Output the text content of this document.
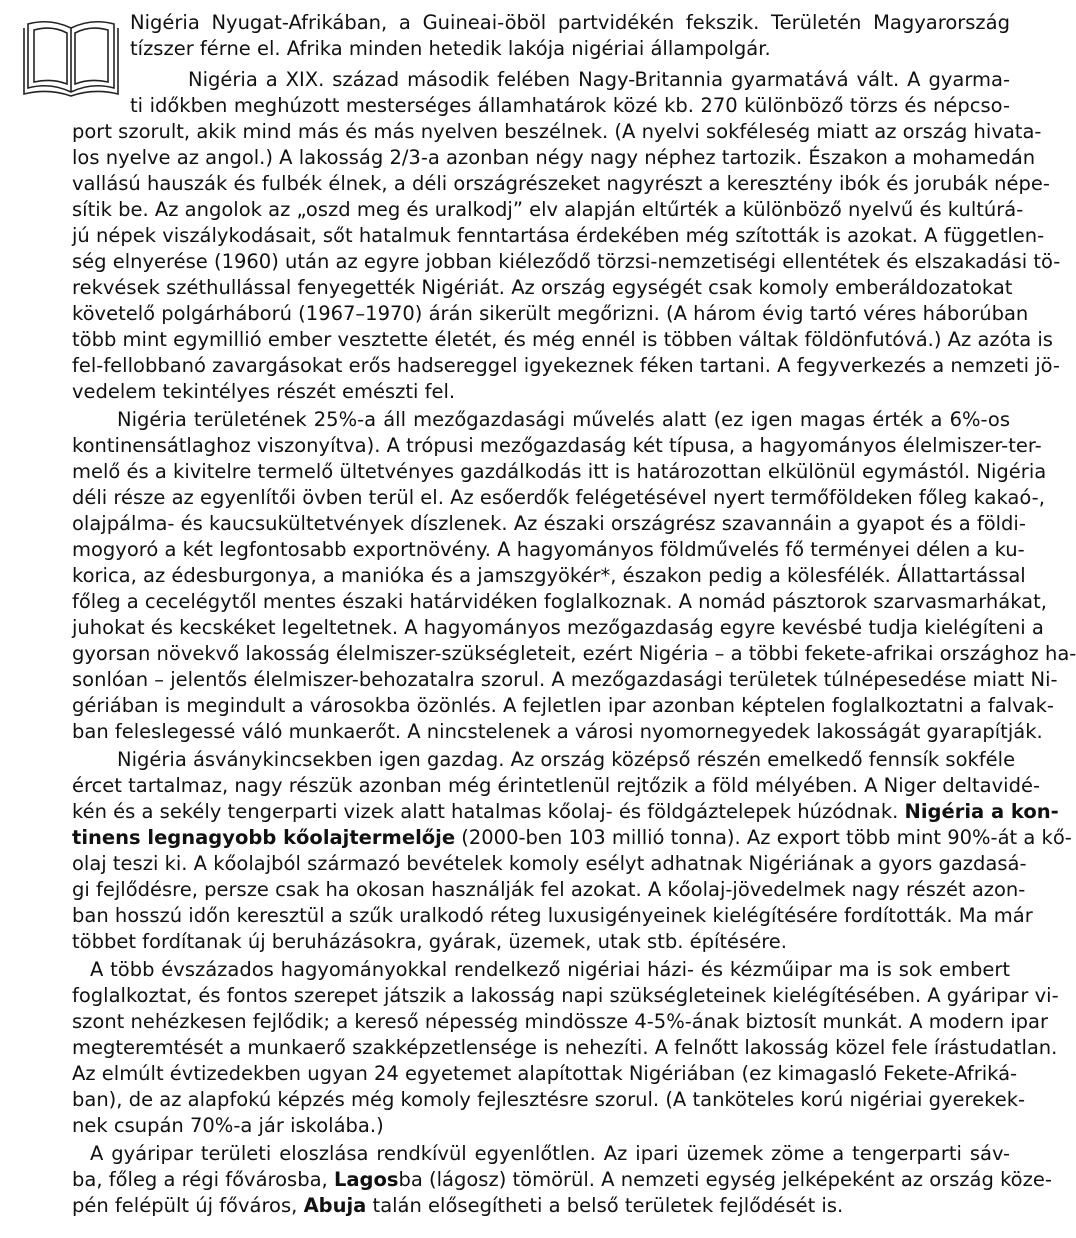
Nigéria Nyugat-Afrikában, a Guineai-öböl partvidékén fekszik. Területén Magyarország
tízszer férne el. Afrika minden hetedik lakója nigériai állampolgár.
Nigéria a XIX. század második felében Nagy-Britannia gyarmatává vált. A gyarma-
ti időkben meghúzott mesterséges államhatárok közé kb. 270 különböző törzs és népcso-
port szorult, akik mind más és más nyelven beszélnek. (A nyelvi sokféleség miatt az ország hivata-
los nyelve az angol.) A lakosság 2/3-a azonban négy nagy néphez tartozik. Északon a mohamedán
vallású hauszák és fulbék élnek, a déli országrészeket nagyrészt a keresztény ibók és jorubák népe-
sítik be. Az angolok az „oszd meg és uralkodj” elv alapján eltűrték a különböző nyelvű és kultúrá-
jú népek viszálykodásait, sőt hatalmuk fenntartása érdekében még szították is azokat. A független-
ség elnyerése (1960) után az egyre jobban kiéleződő törzsi-nemzetiségi ellentétek és elszakadási tö-
rekvések széthullással fenyegették Nigériát. Az ország egységét csak komoly emberáldozatokat
követelő polgárháború (1967–1970) árán sikerült megőrizni. (A három évig tartó véres háborúban
több mint egymillió ember vesztette életét, és még ennél is többen váltak földönfutóvá.) Az azóta is
fel-fellobbanó zavargásokat erős hadsereggel igyekeznek féken tartani. A fegyverkezés a nemzeti jö-
vedelem tekintélyes részét emészti fel.
Nigéria területének 25%-a áll mezőgazdasági művelés alatt (ez igen magas érték a 6%-os
kontinensátlaghoz viszonyítva). A trópusi mezőgazdaság két típusa, a hagyományos élelmiszer-ter-
melő és a kivitelre termelő ültetvényes gazdálkodás itt is határozottan elkülönül egymástól. Nigéria
déli része az egyenlítői övben terül el. Az esőerdők felégetésével nyert termőföldeken főleg kakaó-,
olajpálma- és kaucsukültetvények díszlenek. Az északi országrész szavannáin a gyapot és a földi-
mogyoró a két legfontosabb exportnövény. A hagyományos földművelés fő terményei délen a ku-
korica, az édesburgonya, a manióka és a jamszgyökér*, északon pedig a kölesfélék. Állattartással
főleg a cecelégytől mentes északi határvidéken foglalkoznak. A nomád pásztorok szarvasmarhákat,
juhokat és kecskéket legeltetnek. A hagyományos mezőgazdaság egyre kevésbé tudja kielégíteni a
gyorsan növekvő lakosság élelmiszer-szükségleteit, ezért Nigéria – a többi fekete-afrikai országhoz ha-
sonlóan – jelentős élelmiszer-behozatalra szorul. A mezőgazdasági területek túlnépesedése miatt Ni-
gériában is megindult a városokba özönlés. A fejletlen ipar azonban képtelen foglalkoztatni a falvak-
ban feleslegessé váló munkaerőt. A nincstelenek a városi nyomornegyedek lakosságát gyarapítják.
Nigéria ásványkincsekben igen gazdag. Az ország középső részén emelkedő fennsík sokféle
ércet tartalmaz, nagy részük azonban még érintetlenül rejtőzik a föld mélyében. A Niger deltavidé-
kén és a sekély tengerparti vizek alatt hatalmas kőolaj- és földgáztelepek húzódnak. Nigéria a kon-
tinens legnagyobb kőolajtermelője (2000-ben 103 millió tonna). Az export több mint 90%-át a kő-
olaj teszi ki. A kőolajból származó bevételek komoly esélyt adhatnak Nigériának a gyors gazdasá-
gi fejlődésre, persze csak ha okosan használják fel azokat. A kőolaj-jövedelmek nagy részét azon-
ban hosszú időn keresztül a szűk uralkodó réteg luxusigényeinek kielégítésére fordították. Ma már
többet fordítanak új beruházásokra, gyárak, üzemek, utak stb. építésére.
A több évszázados hagyományokkal rendelkező nigériai házi- és kézműipar ma is sok embert
foglalkoztat, és fontos szerepet játszik a lakosság napi szükségleteinek kielégítésében. A gyáripar vi-
szont nehézkesen fejlődik; a kereső népesség mindössze 4-5%-ának biztosít munkát. A modern ipar
megteremtését a munkaerő szakképzetlensége is nehezíti. A felnőtt lakosság közel fele írástudatlan.
Az elmúlt évtizedekben ugyan 24 egyetemet alapítottak Nigériában (ez kimagasló Fekete-Afriká-
ban), de az alapfokú képzés még komoly fejlesztésre szorul. (A tanköteles korú nigériai gyerekek-
nek csupán 70%-a jár iskolába.)
A gyáripar területi eloszlása rendkívül egyenlőtlen. Az ipari üzemek zöme a tengerparti sáv-
ba, főleg a régi fővárosba, Lagosba (lágosz) tömörül. A nemzeti egység jelképeként az ország köze-
pén felépült új főváros, Abuja talán elősegítheti a belső területek fejlődését is.
